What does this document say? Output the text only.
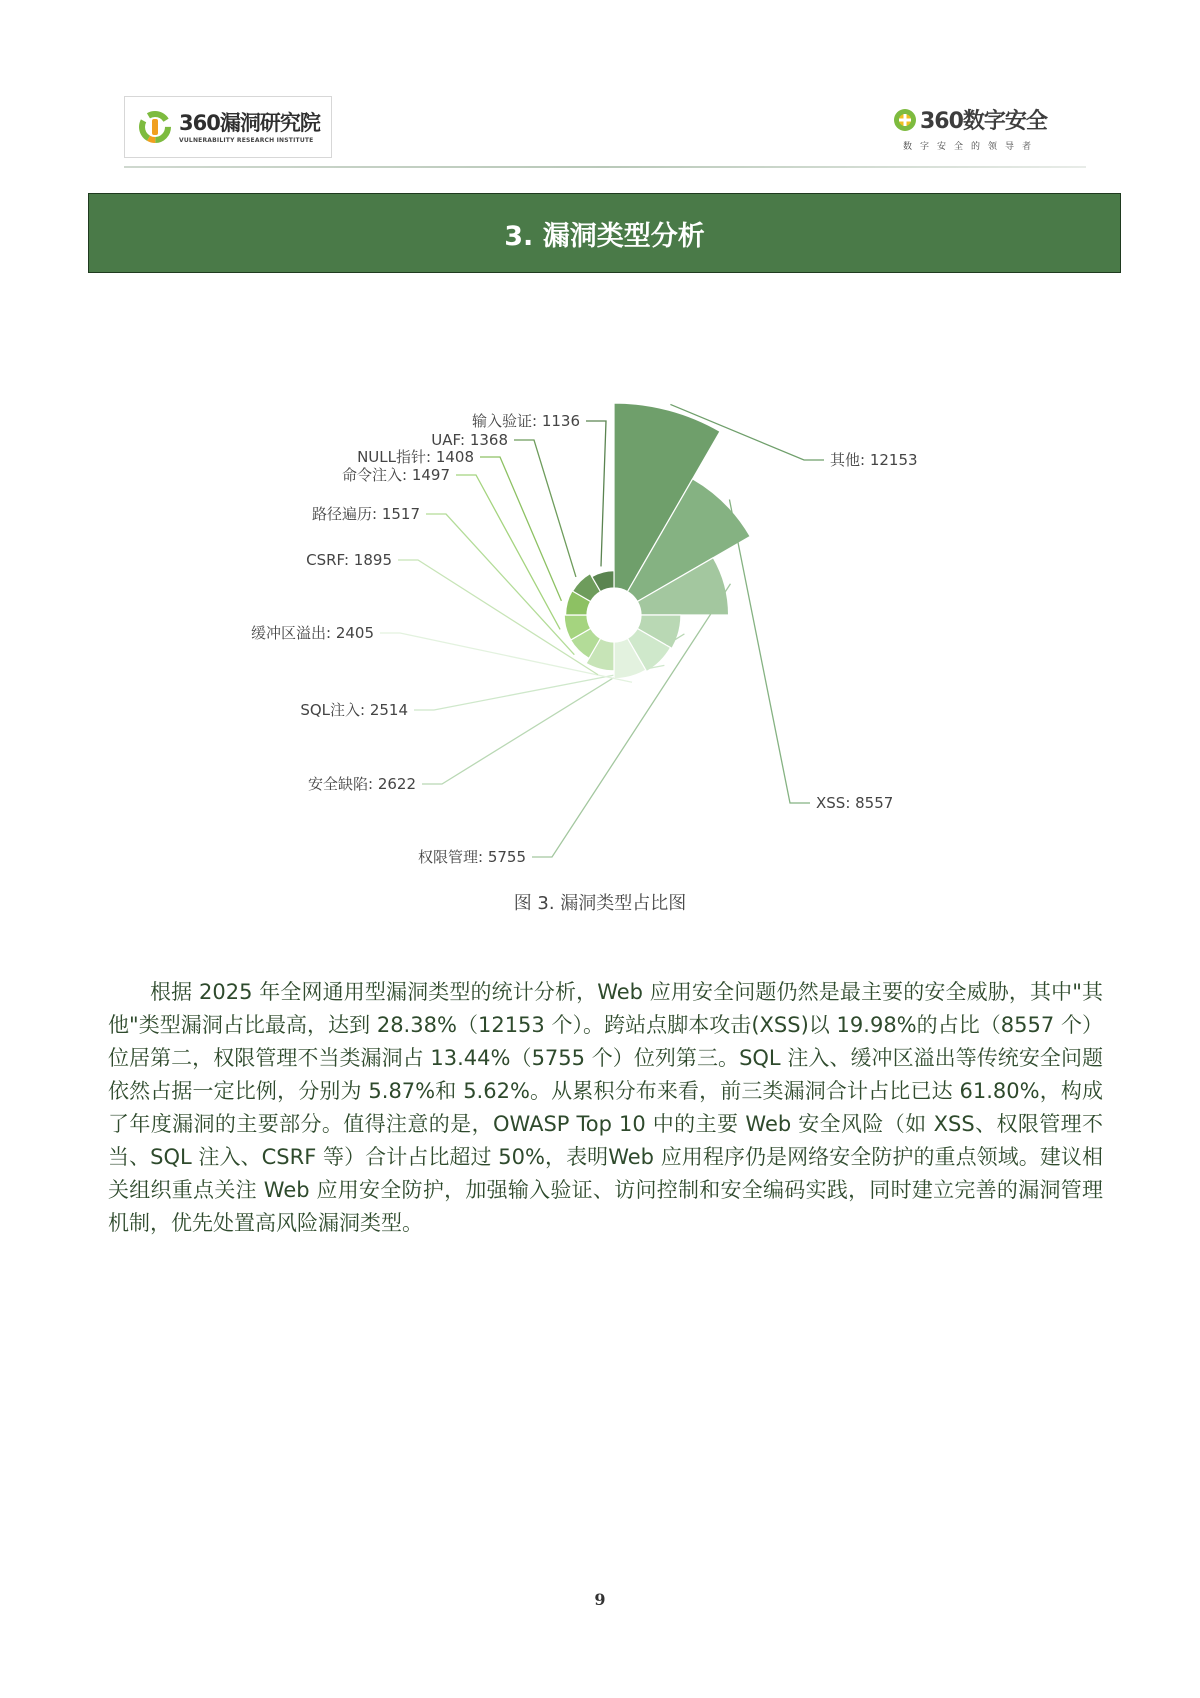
360漏洞研究院
VULNERABILITY RESEARCH INSTITUTE
360数字安全
数字安全的领导者
3. 漏洞类型分析
其他: 12153
XSS: 8557
权限管理: 5755
安全缺陷: 2622
SQL注入: 2514
缓冲区溢出: 2405
CSRF: 1895
路径遍历: 1517
命令注入: 1497
NULL指针: 1408
UAF: 1368
输入验证: 1136
图 3. 漏洞类型占比图

根据 2025 年全网通用型漏洞类型的统计分析，Web 应用安全问题仍然是最主要的安全威胁，其中"其他"类型漏洞占比最高，达到 28.38%（12153 个）。跨站点脚本攻击(XSS)以 19.98%的占比（8557 个）位居第二，权限管理不当类漏洞占 13.44%（5755 个）位列第三。SQL 注入、缓冲区溢出等传统安全问题依然占据一定比例，分别为 5.87%和 5.62%。从累积分布来看，前三类漏洞合计占比已达 61.80%，构成了年度漏洞的主要部分。值得注意的是，OWASP Top 10 中的主要 Web 安全风险（如 XSS、权限管理不当、SQL 注入、CSRF 等）合计占比超过 50%，表明Web 应用程序仍是网络安全防护的重点领域。建议相关组织重点关注 Web 应用安全防护，加强输入验证、访问控制和安全编码实践，同时建立完善的漏洞管理机制，优先处置高风险漏洞类型。

9
